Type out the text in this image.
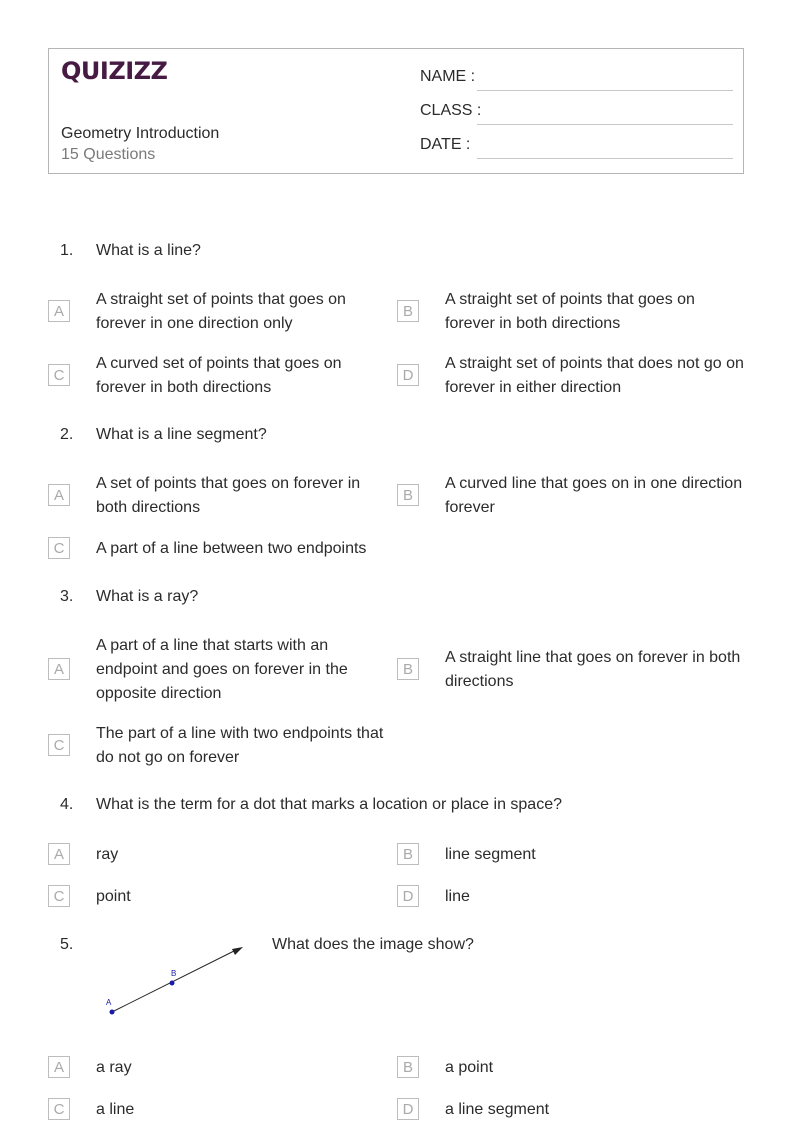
QUIZIZZ
Geometry Introduction
15 Questions
NAME :
CLASS :
DATE :
1. What is a line?
A
A straight set of points that goes on forever in one direction only
B
A straight set of points that goes on forever in both directions
C
A curved set of points that goes on forever in both directions
D
A straight set of points that does not go on forever in either direction
2. What is a line segment?
A
A set of points that goes on forever in both directions
B
A curved line that goes on in one direction forever
C	A part of a line between two endpoints
3. What is a ray?
A
A part of a line that starts with an endpoint and goes on forever in the opposite direction
B
A straight line that goes on forever in both directions
C
The part of a line with two endpoints that do not go on forever
4. What is the term for a dot that marks a location or place in space?
A	ray	B	line segment
C	point	D	line
5.
A
B
What does the image show?
A	a ray	B	a point
C	a line	D	a line segment
